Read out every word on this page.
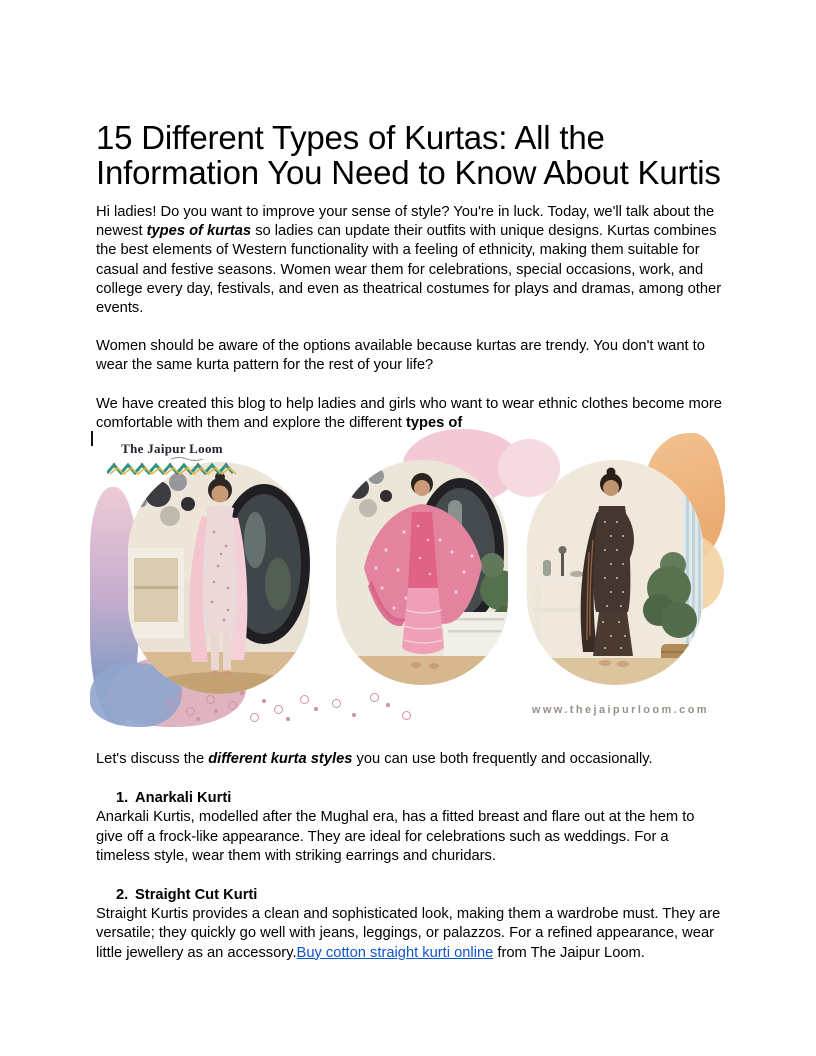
15 Different Types of Kurtas: All the Information You Need to Know About Kurtis

Hi ladies! Do you want to improve your sense of style? You're in luck. Today, we'll talk about the newest types of kurtas so ladies can update their outfits with unique designs. Kurtas combines the best elements of Western functionality with a feeling of ethnicity, making them suitable for casual and festive seasons. Women wear them for celebrations, special occasions, work, and college every day, festivals, and even as theatrical costumes for plays and dramas, among other events.

Women should be aware of the options available because kurtas are trendy. You don't want to wear the same kurta pattern for the rest of your life?

We have created this blog to help ladies and girls who want to wear ethnic clothes become more comfortable with them and explore the different types of

The Jaipur Loom
www.thejaipurloom.com

Let's discuss the different kurta styles you can use both frequently and occasionally.

1. Anarkali Kurti

Anarkali Kurtis, modelled after the Mughal era, has a fitted breast and flare out at the hem to give off a frock-like appearance. They are ideal for celebrations such as weddings. For a timeless style, wear them with striking earrings and churidars.

2. Straight Cut Kurti

Straight Kurtis provides a clean and sophisticated look, making them a wardrobe must. They are versatile; they quickly go well with jeans, leggings, or palazzos. For a refined appearance, wear little jewellery as an accessory.Buy cotton straight kurti online from The Jaipur Loom.
